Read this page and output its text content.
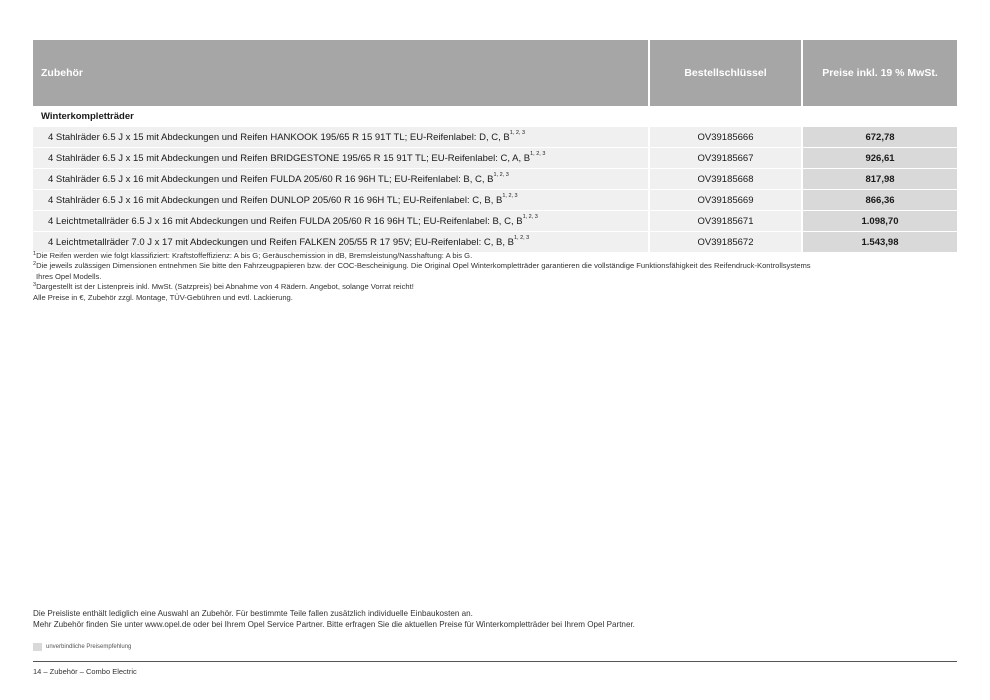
Zubehör	Bestellschlüssel	Preise inkl. 19 % MwSt.
Winterkompletträder		
4 Stahlräder 6.5 J x 15 mit Abdeckungen und Reifen HANKOOK 195/65 R 15 91T TL; EU-Reifenlabel: D, C, B$^{1, 2, 3}$	OV39185666	672,78
4 Stahlräder 6.5 J x 15 mit Abdeckungen und Reifen BRIDGESTONE 195/65 R 15 91T TL; EU-Reifenlabel: C, A, B$^{1, 2, 3}$	OV39185667	926,61
4 Stahlräder 6.5 J x 16 mit Abdeckungen und Reifen FULDA 205/60 R 16 96H TL; EU-Reifenlabel: B, C, B$^{1, 2, 3}$	OV39185668	817,98
4 Stahlräder 6.5 J x 16 mit Abdeckungen und Reifen DUNLOP 205/60 R 16 96H TL; EU-Reifenlabel: C, B, B$^{1, 2, 3}$	OV39185669	866,36
4 Leichtmetallräder 6.5 J x 16 mit Abdeckungen und Reifen FULDA 205/60 R 16 96H TL; EU-Reifenlabel: B, C, B$^{1, 2, 3}$	OV39185671	1.098,70
4 Leichtmetallräder 7.0 J x 17 mit Abdeckungen und Reifen FALKEN 205/55 R 17 95V; EU-Reifenlabel: C, B, B$^{1, 2, 3}$	OV39185672	1.543,98

$^1$Die Reifen werden wie folgt klassifiziert: Kraftstoffeffizienz: A bis G; Geräuschemission in dB, Bremsleistung/Nasshaftung: A bis G.

$^2$Die jeweils zulässigen Dimensionen entnehmen Sie bitte den Fahrzeugpapieren bzw. der COC-Bescheinigung. Die Original Opel Winterkompletträder garantieren die vollständige Funktionsfähigkeit des Reifendruck-Kontrollsystems

Ihres Opel Modells.

$^3$Dargestellt ist der Listenpreis inkl. MwSt. (Satzpreis) bei Abnahme von 4 Rädern. Angebot, solange Vorrat reicht!

Alle Preise in €, Zubehör zzgl. Montage, TÜV-Gebühren und evtl. Lackierung.

Die Preisliste enthält lediglich eine Auswahl an Zubehör. Für bestimmte Teile fallen zusätzlich individuelle Einbaukosten an.

Mehr Zubehör finden Sie unter www.opel.de oder bei Ihrem Opel Service Partner. Bitte erfragen Sie die aktuellen Preise für Winterkompletträder bei Ihrem Opel Partner.

unverbindliche Preisempfehlung
14 – Zubehör – Combo Electric
